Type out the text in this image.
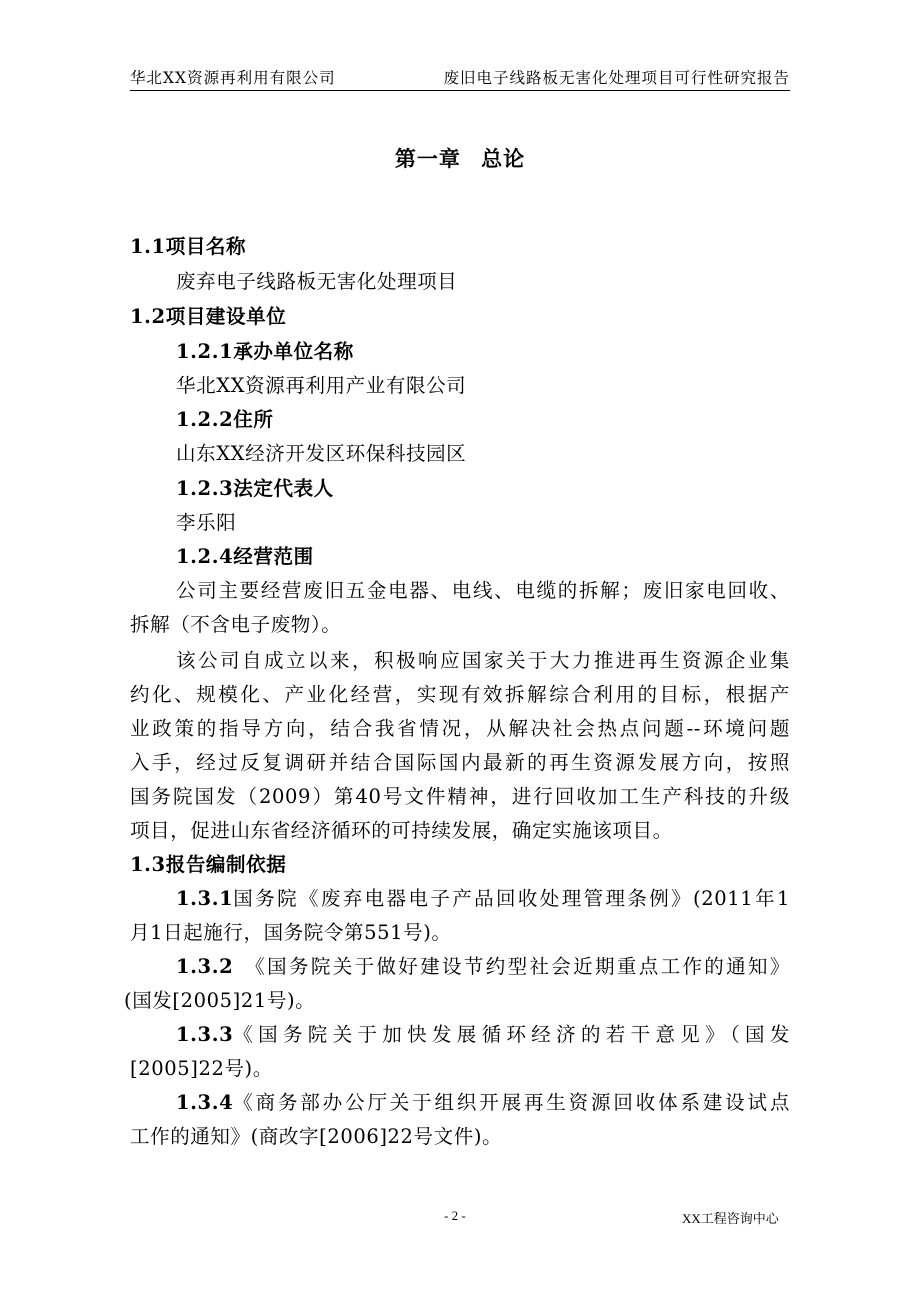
华北XX资源再利用有限公司	废旧电子线路板无害化处理项目可行性研究报告
第一章 总论
1.1项目名称
废弃电子线路板无害化处理项目
1.2项目建设单位
1.2.1承办单位名称
华北XX资源再利用产业有限公司
1.2.2住所
山东XX经济开发区环保科技园区
1.2.3法定代表人
李乐阳
1.2.4经营范围
公司主要经营废旧五金电器、电线、电缆的拆解；废旧家电回收、
拆解（不含电子废物）。
该公司自成立以来，积极响应国家关于大力推进再生资源企业集
约化、规模化、产业化经营，实现有效拆解综合利用的目标，根据产
业政策的指导方向，结合我省情况，从解决社会热点问题--环境问题
入手，经过反复调研并结合国际国内最新的再生资源发展方向，按照
国务院国发（2009）第40号文件精神，进行回收加工生产科技的升级
项目，促进山东省经济循环的可持续发展，确定实施该项目。
1.3报告编制依据
1.3.1 国务院《废弃电器电子产品回收处理管理条例》(2011年1
月1日起施行，国务院令第551号)。
1.3.2 《国务院关于做好建设节约型社会近期重点工作的通知》
(国发[2005]21号)。
1.3.3 《国务院关于加快发展循环经济的若干意见》（国发
[2005]22号)。
1.3.4 《商务部办公厅关于组织开展再生资源回收体系建设试点
工作的通知》(商改字[2006]22号文件)。
- 2 -	XX工程咨询中心
